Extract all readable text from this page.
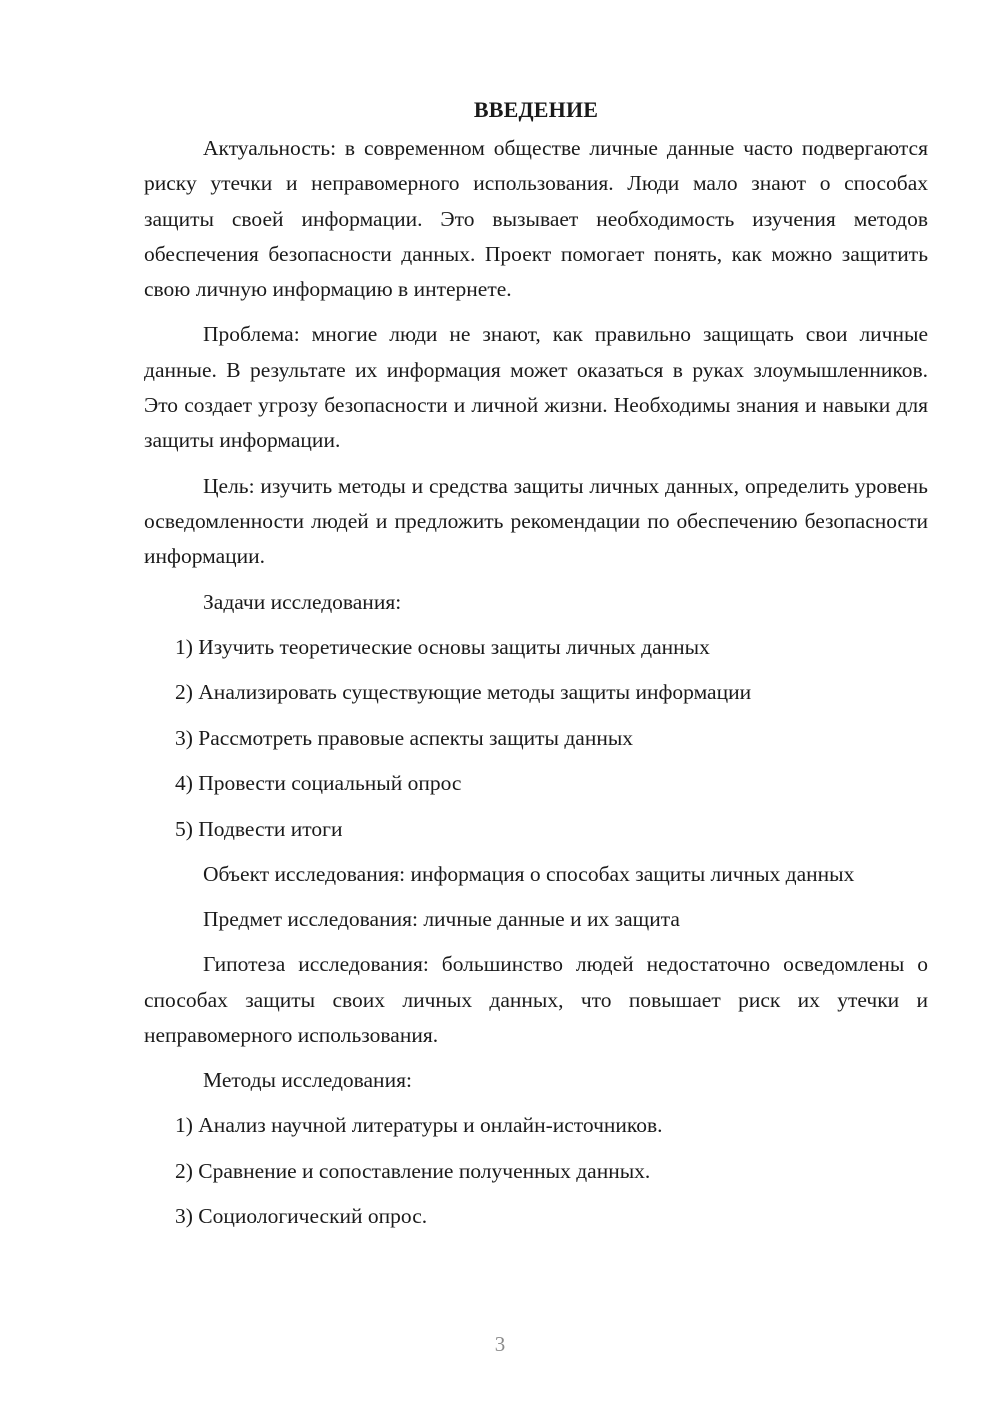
ВВЕДЕНИЕ

Актуальность: в современном обществе личные данные часто подвергаются риску утечки и неправомерного использования. Люди мало знают о способах защиты своей информации. Это вызывает необходимость изучения методов обеспечения безопасности данных. Проект помогает понять, как можно защитить свою личную информацию в интернете.

Проблема: многие люди не знают, как правильно защищать свои личные данные. В результате их информация может оказаться в руках злоумышленников. Это создает угрозу безопасности и личной жизни. Необходимы знания и навыки для защиты информации.

Цель: изучить методы и средства защиты личных данных, определить уровень осведомленности людей и предложить рекомендации по обеспечению безопасности информации.

Задачи исследования:

1) Изучить теоретические основы защиты личных данных

2) Анализировать существующие методы защиты информации

3) Рассмотреть правовые аспекты защиты данных

4) Провести социальный опрос

5) Подвести итоги

Объект исследования: информация о способах защиты личных данных

Предмет исследования: личные данные и их защита

Гипотеза исследования: большинство людей недостаточно осведомлены о способах защиты своих личных данных, что повышает риск их утечки и неправомерного использования.

Методы исследования:

1) Анализ научной литературы и онлайн-источников.

2) Сравнение и сопоставление полученных данных.

3) Социологический опрос.

3
